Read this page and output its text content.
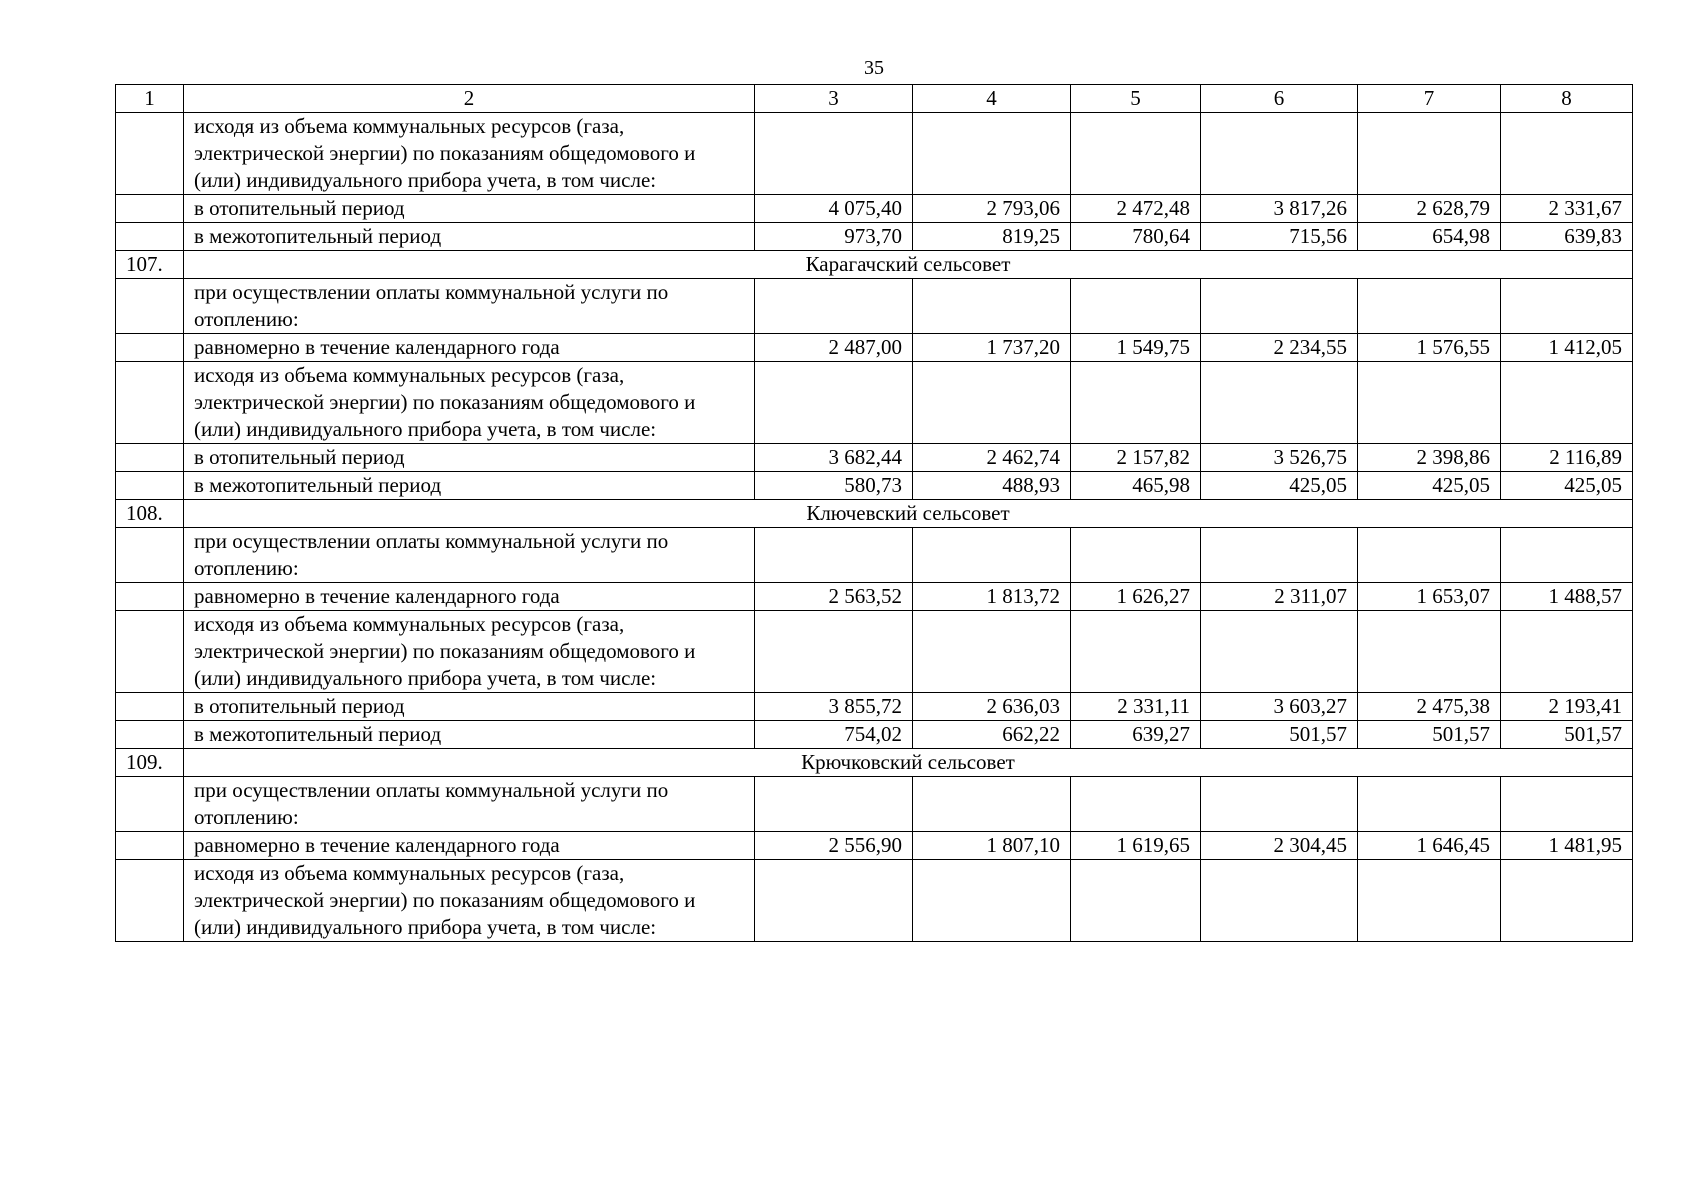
35
1	2	3	4	5	6	7	8
	исходя из объема коммунальных ресурсов (газа, электрической энергии) по показаниям общедомового и (или) индивидуального прибора учета, в том числе:						
	в отопительный период	4 075,40	2 793,06	2 472,48	3 817,26	2 628,79	2 331,67
	в межотопительный период	973,70	819,25	780,64	715,56	654,98	639,83
107.	Карагачский сельсовет						
	при осуществлении оплаты коммунальной услуги по отоплению:						
	равномерно в течение календарного года	2 487,00	1 737,20	1 549,75	2 234,55	1 576,55	1 412,05
	исходя из объема коммунальных ресурсов (газа, электрической энергии) по показаниям общедомового и (или) индивидуального прибора учета, в том числе:						
	в отопительный период	3 682,44	2 462,74	2 157,82	3 526,75	2 398,86	2 116,89
	в межотопительный период	580,73	488,93	465,98	425,05	425,05	425,05
108.	Ключевский сельсовет						
	при осуществлении оплаты коммунальной услуги по отоплению:						
	равномерно в течение календарного года	2 563,52	1 813,72	1 626,27	2 311,07	1 653,07	1 488,57
	исходя из объема коммунальных ресурсов (газа, электрической энергии) по показаниям общедомового и (или) индивидуального прибора учета, в том числе:						
	в отопительный период	3 855,72	2 636,03	2 331,11	3 603,27	2 475,38	2 193,41
	в межотопительный период	754,02	662,22	639,27	501,57	501,57	501,57
109.	Крючковский сельсовет						
	при осуществлении оплаты коммунальной услуги по отоплению:						
	равномерно в течение календарного года	2 556,90	1 807,10	1 619,65	2 304,45	1 646,45	1 481,95
	исходя из объема коммунальных ресурсов (газа, электрической энергии) по показаниям общедомового и (или) индивидуального прибора учета, в том числе:						
